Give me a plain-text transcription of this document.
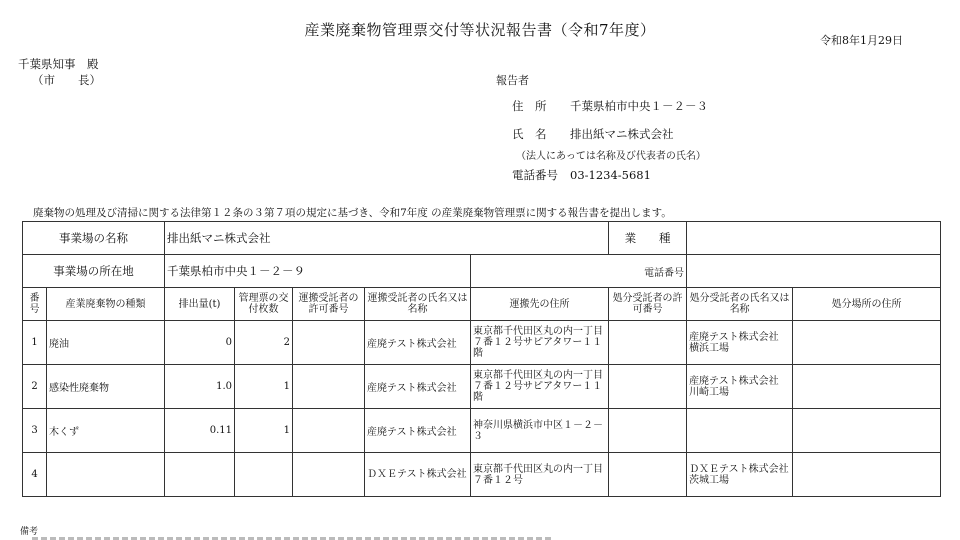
産業廃棄物管理票交付等状況報告書（令和7年度）
令和8年1月29日
千葉県知事　殿
（市　　長）	報告者
住　所 千葉県柏市中央１－２－３
氏　名 排出紙マニ株式会社
（法人にあっては名称及び代表者の氏名）
電話番号 03-1234-5681
廃棄物の処理及び清掃に関する法律第１２条の３第７項の規定に基づき、令和7年度 の産業廃棄物管理票に関する報告書を提出します。
事業場の名称		排出紙マニ株式会社					業　　種		
事業場の所在地		千葉県柏市中央１－２－９				電話番号			
番号	産業廃棄物の種類	排出量(t)	管理票の交付枚数	運搬受託者の許可番号	運搬受託者の氏名又は名称	運搬先の住所	処分受託者の許可番号	処分受託者の氏名又は名称	処分場所の住所
1	廃油	0	2		産廃テスト株式会社	東京都千代田区丸の内一丁目７番１２号サピアタワー１１階		産廃テスト株式会社　横浜工場	
2	感染性廃棄物	1.0	1		産廃テスト株式会社	東京都千代田区丸の内一丁目７番１２号サピアタワー１１階		産廃テスト株式会社　川崎工場	
3	木くず	0.11	1		産廃テスト株式会社	神奈川県横浜市中区１－２－３			
4					ＤＸＥテスト株式会社	東京都千代田区丸の内一丁目７番１２号		ＤＸＥテスト株式会社　茨城工場	
備考
